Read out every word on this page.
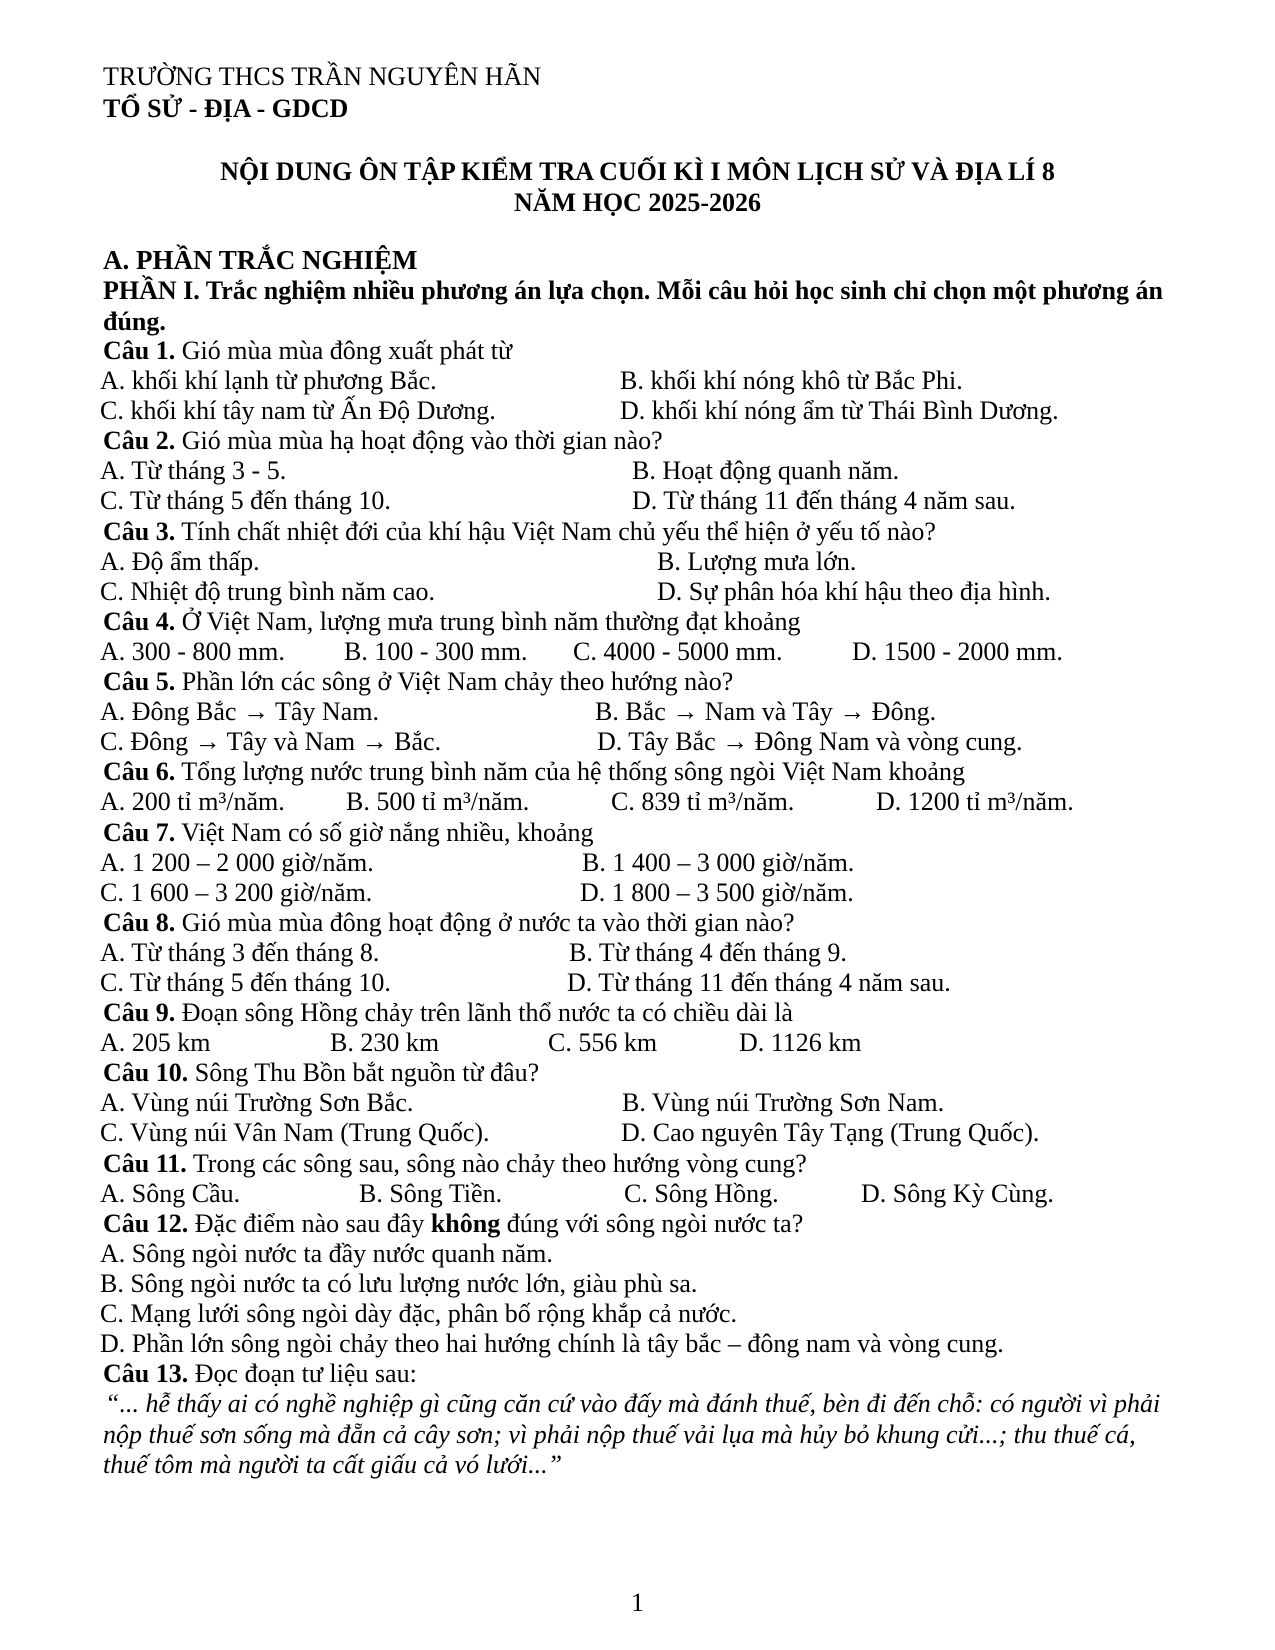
TRƯỜNG THCS TRẦN NGUYÊN HÃN
TỔ SỬ - ĐỊA - GDCD
NỘI DUNG ÔN TẬP KIỂM TRA CUỐI KÌ I MÔN LỊCH SỬ VÀ ĐỊA LÍ 8
NĂM HỌC 2025-2026
A. PHẦN TRẮC NGHIỆM
PHẦN I. Trắc nghiệm nhiều phương án lựa chọn. Mỗi câu hỏi học sinh chỉ chọn một phương án đúng.
Câu 1. Gió mùa mùa đông xuất phát từ
A. khối khí lạnh từ phương Bắc.	B. khối khí nóng khô từ Bắc Phi.
C. khối khí tây nam từ Ấn Độ Dương.	D. khối khí nóng ẩm từ Thái Bình Dương.
Câu 2. Gió mùa mùa hạ hoạt động vào thời gian nào?
A. Từ tháng 3 - 5.	B. Hoạt động quanh năm.
C. Từ tháng 5 đến tháng 10.	D. Từ tháng 11 đến tháng 4 năm sau.
Câu 3. Tính chất nhiệt đới của khí hậu Việt Nam chủ yếu thể hiện ở yếu tố nào?
A. Độ ẩm thấp.	B. Lượng mưa lớn.
C. Nhiệt độ trung bình năm cao.	D. Sự phân hóa khí hậu theo địa hình.
Câu 4. Ở Việt Nam, lượng mưa trung bình năm thường đạt khoảng
A. 300 - 800 mm. B. 100 - 300 mm. C. 4000 - 5000 mm.	D. 1500 - 2000 mm.
Câu 5. Phần lớn các sông ở Việt Nam chảy theo hướng nào?
A. Đông Bắc → Tây Nam.	B. Bắc → Nam và Tây → Đông.
C. Đông → Tây và Nam → Bắc.	D. Tây Bắc → Đông Nam và vòng cung.
Câu 6. Tổng lượng nước trung bình năm của hệ thống sông ngòi Việt Nam khoảng
A. 200 tỉ m³/năm. B. 500 tỉ m³/năm.	C. 839 tỉ m³/năm.	D. 1200 tỉ m³/năm.
Câu 7. Việt Nam có số giờ nắng nhiều, khoảng
A. 1 200 – 2 000 giờ/năm.	B. 1 400 – 3 000 giờ/năm.
C. 1 600 – 3 200 giờ/năm.	D. 1 800 – 3 500 giờ/năm.
Câu 8. Gió mùa mùa đông hoạt động ở nước ta vào thời gian nào?
A. Từ tháng 3 đến tháng 8.	B. Từ tháng 4 đến tháng 9.
C. Từ tháng 5 đến tháng 10.	D. Từ tháng 11 đến tháng 4 năm sau.
Câu 9. Đoạn sông Hồng chảy trên lãnh thổ nước ta có chiều dài là
A. 205 km	B. 230 km	C. 556 km	D. 1126 km
Câu 10. Sông Thu Bồn bắt nguồn từ đâu?
A. Vùng núi Trường Sơn Bắc.	B. Vùng núi Trường Sơn Nam.
C. Vùng núi Vân Nam (Trung Quốc).	D. Cao nguyên Tây Tạng (Trung Quốc).
Câu 11. Trong các sông sau, sông nào chảy theo hướng vòng cung?
A. Sông Cầu.	B. Sông Tiền.	C. Sông Hồng.	D. Sông Kỳ Cùng.
Câu 12. Đặc điểm nào sau đây không đúng với sông ngòi nước ta?
A. Sông ngòi nước ta đầy nước quanh năm.
B. Sông ngòi nước ta có lưu lượng nước lớn, giàu phù sa.
C. Mạng lưới sông ngòi dày đặc, phân bố rộng khắp cả nước.
D. Phần lớn sông ngòi chảy theo hai hướng chính là tây bắc – đông nam và vòng cung.
Câu 13. Đọc đoạn tư liệu sau:
“... hễ thấy ai có nghề nghiệp gì cũng căn cứ vào đấy mà đánh thuế, bèn đi đến chỗ: có người vì phải
nộp thuế sơn sống mà đẵn cả cây sơn; vì phải nộp thuế vải lụa mà hủy bỏ khung cửi...; thu thuế cá,
thuế tôm mà người ta cất giấu cả vó lưới...”
1
